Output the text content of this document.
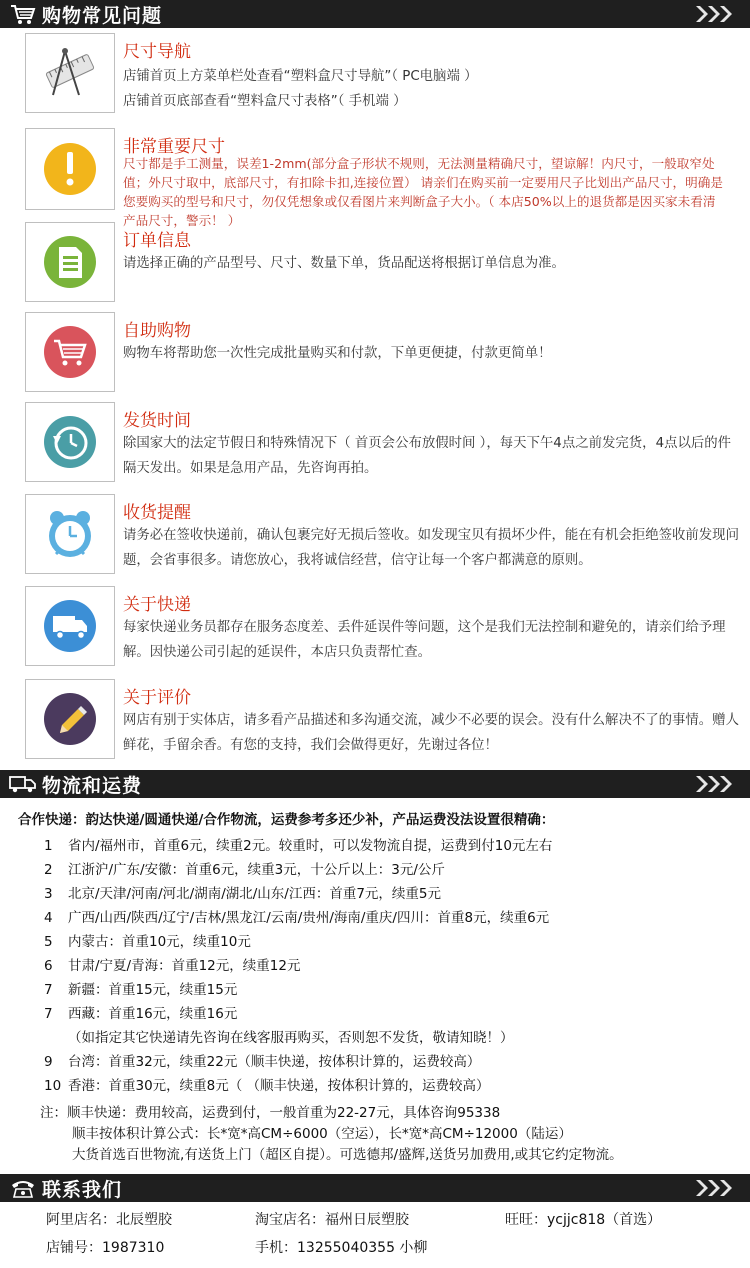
购物常见问题
尺寸导航
店铺首页上方菜单栏处查看“塑料盒尺寸导航”（ PC电脑端 ）
店铺首页底部查看“塑料盒尺寸表格”（ 手机端 ）
非常重要尺寸
尺寸都是手工测量，误差1-2mm(部分盒子形状不规则，无法测量精确尺寸，望谅解！内尺寸，一般取窄处值；外尺寸取中，底部尺寸，有扣除卡扣,连接位置） 请亲们在购买前一定要用尺子比划出产品尺寸，明确是您要购买的型号和尺寸，勿仅凭想象或仅看图片来判断盒子大小。（ 本店50%以上的退货都是因买家未看清产品尺寸，警示！ ）
订单信息
请选择正确的产品型号、尺寸、数量下单，货品配送将根据订单信息为准。
自助购物
购物车将帮助您一次性完成批量购买和付款，下单更便捷，付款更简单！
发货时间
除国家大的法定节假日和特殊情况下（ 首页会公布放假时间 ），每天下午4点之前发完货，4点以后的件隔天发出。如果是急用产品，先咨询再拍。
收货提醒
请务必在签收快递前，确认包裹完好无损后签收。如发现宝贝有损坏少件，能在有机会拒绝签收前发现问题，会省事很多。请您放心，我将诚信经营，信守让每一个客户都满意的原则。
关于快递
每家快递业务员都存在服务态度差、丢件延误件等问题，这个是我们无法控制和避免的，请亲们给予理解。因快递公司引起的延误件，本店只负责帮忙查。
关于评价
网店有别于实体店，请多看产品描述和多沟通交流，减少不必要的误会。没有什么解决不了的事情。赠人鲜花，手留余香。有您的支持，我们会做得更好，先谢过各位！
物流和运费
合作快递：韵达快递/圆通快递/合作物流，运费参考多还少补，产品运费没法设置很精确：
1 省内/福州市，首重6元，续重2元。较重时，可以发物流自提，运费到付10元左右
2 江浙沪/广东/安徽：首重6元，续重3元，十公斤以上：3元/公斤
3 北京/天津/河南/河北/湖南/湖北/山东/江西：首重7元，续重5元
4 广西/山西/陕西/辽宁/吉林/黑龙江/云南/贵州/海南/重庆/四川：首重8元，续重6元
5 内蒙古：首重10元，续重10元
6 甘肃/宁夏/青海：首重12元，续重12元
7 新疆：首重15元，续重15元
7 西藏：首重16元，续重16元
（如指定其它快递请先咨询在线客服再购买，否则恕不发货，敬请知晓！）
9 台湾：首重32元，续重22元（顺丰快递，按体积计算的，运费较高）
10 香港：首重30元，续重8元（ （顺丰快递，按体积计算的，运费较高）
注：顺丰快递：费用较高，运费到付，一般首重为22-27元，具体咨询95338
顺丰按体积计算公式：长*宽*高CM÷6000（空运），长*宽*高CM÷12000（陆运）
大货首选百世物流,有送货上门（超区自提）。可选德邦/盛辉,送货另加费用,或其它约定物流。
联系我们
阿里店名：北辰塑胶	淘宝店名：福州日辰塑胶	旺旺：ycjjc818（首选）
店铺号：1987310	手机：13255040355 小柳
